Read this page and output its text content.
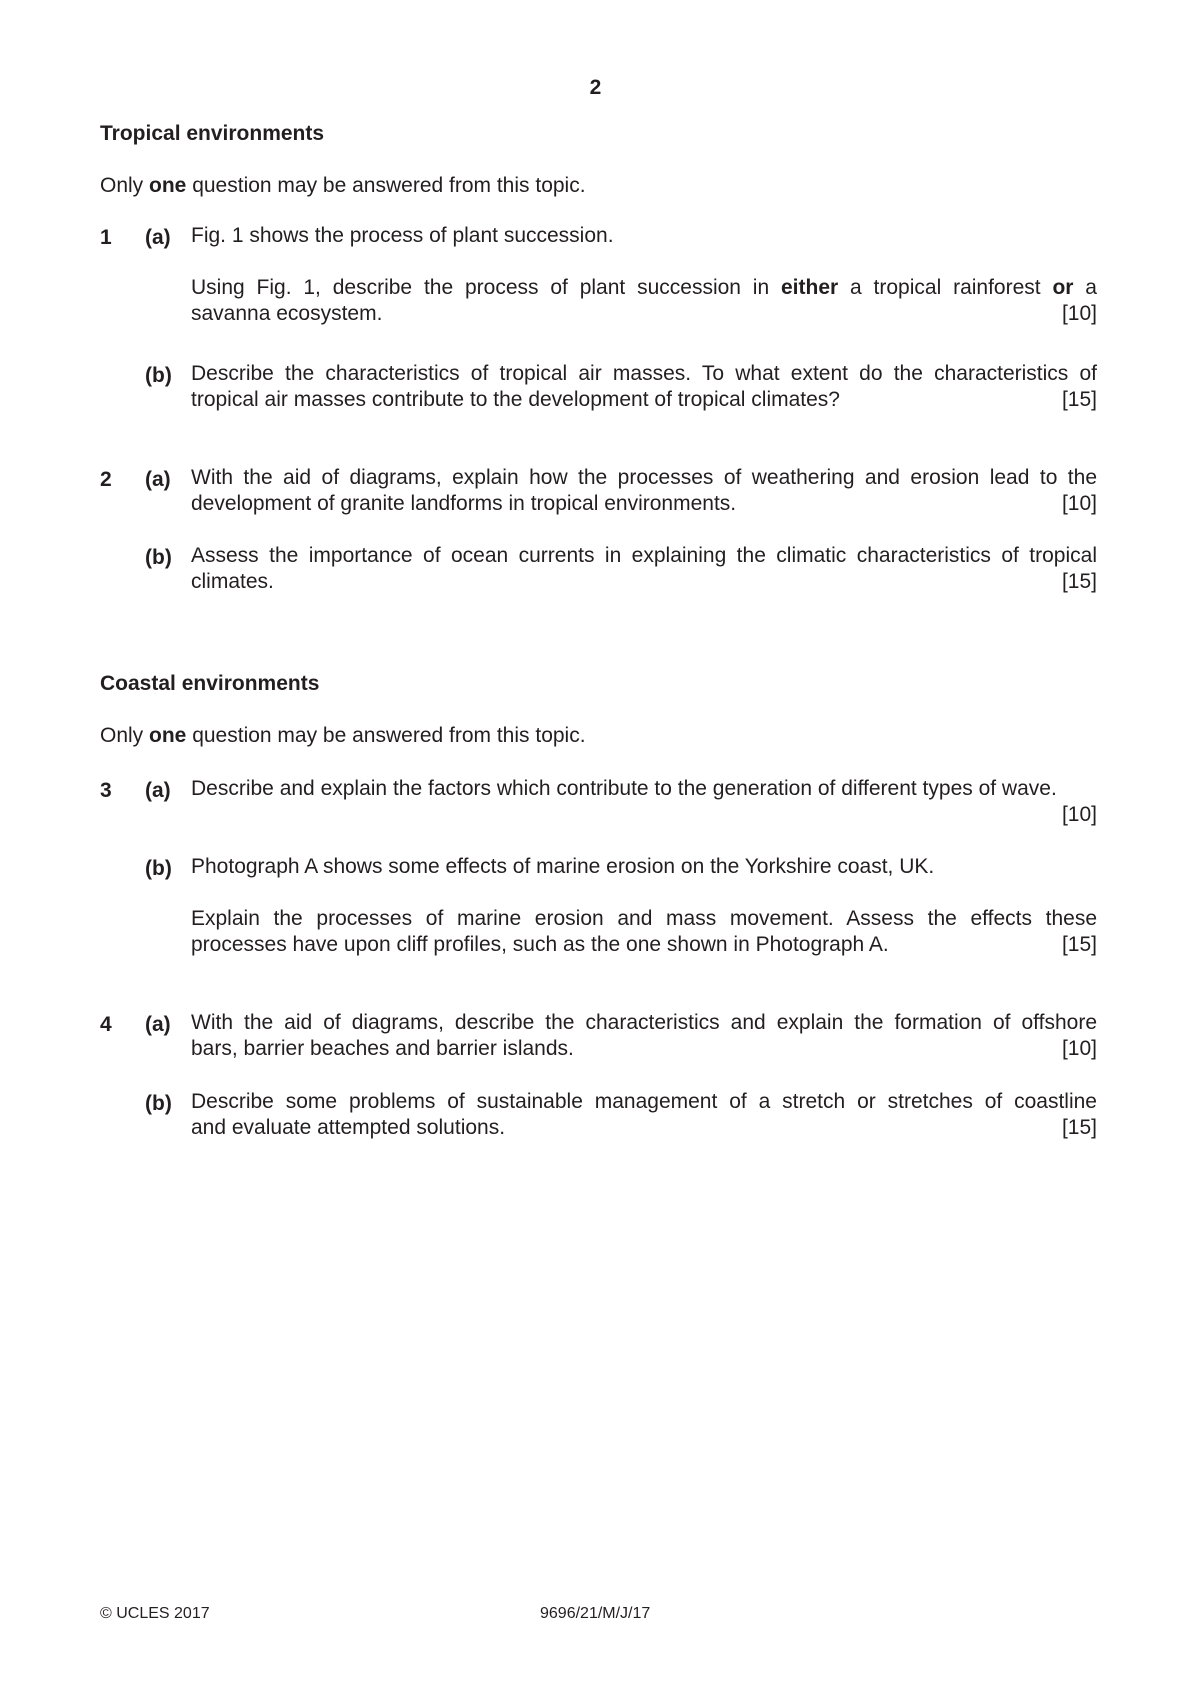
2
Tropical environments
Only one question may be answered from this topic.
1 (a) Fig. 1 shows the process of plant succession.
Using Fig. 1, describe the process of plant succession in either a tropical rainforest or a
savanna ecosystem.	[10]
(b) Describe the characteristics of tropical air masses. To what extent do the characteristics of
tropical air masses contribute to the development of tropical climates?	[15]
2 (a) With the aid of diagrams, explain how the processes of weathering and erosion lead to the
development of granite landforms in tropical environments.	[10]
(b) Assess the importance of ocean currents in explaining the climatic characteristics of tropical
climates.	[15]
Coastal environments
Only one question may be answered from this topic.
3 (a) Describe and explain the factors which contribute to the generation of different types of wave.
[10]
(b) Photograph A shows some effects of marine erosion on the Yorkshire coast, UK.
Explain the processes of marine erosion and mass movement. Assess the effects these
processes have upon cliff profiles, such as the one shown in Photograph A.	[15]
4 (a) With the aid of diagrams, describe the characteristics and explain the formation of offshore
bars, barrier beaches and barrier islands.	[10]
(b) Describe some problems of sustainable management of a stretch or stretches of coastline
and evaluate attempted solutions.	[15]
© UCLES 2017	9696/21/M/J/17
